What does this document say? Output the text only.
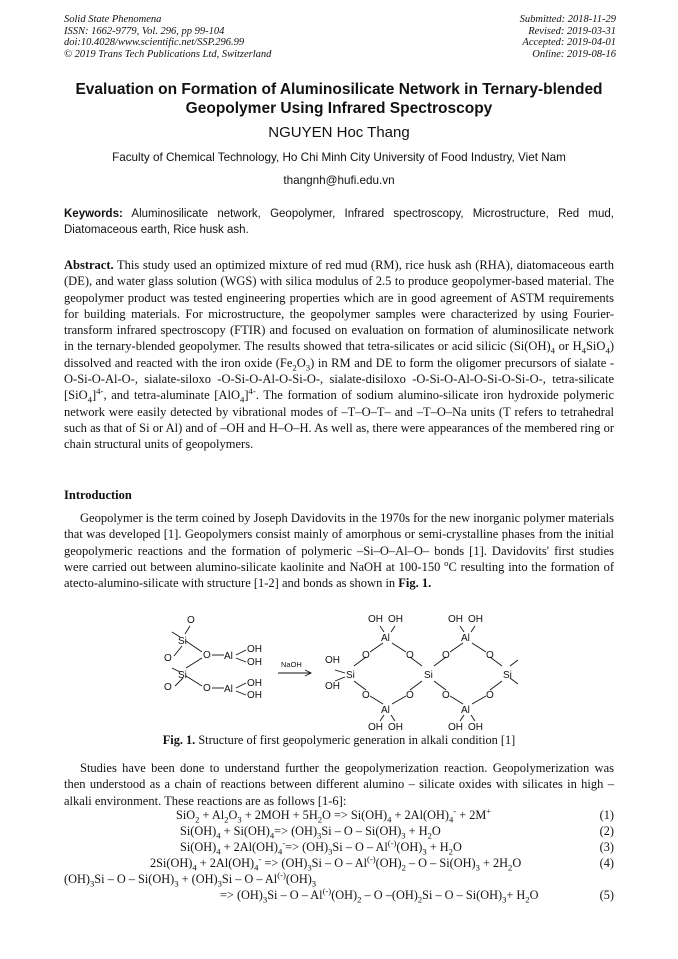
Solid State Phenomena
ISSN: 1662-9779, Vol. 296, pp 99-104
doi:10.4028/www.scientific.net/SSP.296.99
© 2019 Trans Tech Publications Ltd, Switzerland
Submitted: 2018-11-29
Revised: 2019-03-31
Accepted: 2019-04-01
Online: 2019-08-16
Evaluation on Formation of Aluminosilicate Network in Ternary-blended
Geopolymer Using Infrared Spectroscopy
NGUYEN Hoc Thang
Faculty of Chemical Technology, Ho Chi Minh City University of Food Industry, Viet Nam
thangnh@hufi.edu.vn
Keywords: Aluminosilicate network, Geopolymer, Infrared spectroscopy, Microstructure, Red mud, Diatomaceous earth, Rice husk ash.
Abstract. This study used an optimized mixture of red mud (RM), rice husk ash (RHA), diatomaceous earth (DE), and water glass solution (WGS) with silica modulus of 2.5 to produce geopolymer-based material. The geopolymer product was tested engineering properties which are in good agreement of ASTM requirements for building materials. For microstructure, the geopolymer samples were characterized by using Fourier-transform infrared spectroscopy (FTIR) and focused on evaluation on formation of aluminosilicate network in the ternary-blended geopolymer. The results showed that tetra-silicates or acid silicic ($Si(OH)_4$ or $H_4SiO_4$) dissolved and reacted with the iron oxide $(Fe_2O_3)$ in RM and DE to form the oligomer precursors of sialate -O-Si-O-Al-O-, sialate-siloxo -O-Si-O-Al-O-Si-O-, sialate-disiloxo -O-Si-O-Al-O-Si-O-Si-O-, tetra-silicate $[SiO_4]^{4-}$, and tetra-aluminate $[AlO_4]^{4-}$. The formation of sodium alumino-silicate iron hydroxide polymeric network were easily detected by vibrational modes of –T–O–T– and –T–O–Na units (T refers to tetrahedral such as that of Si or Al) and of –OH and H–O–H. As well as, there were appearances of the membered ring or chain structural units of geopolymers.
Introduction
Geopolymer is the term coined by Joseph Davidovits in the 1970s for the new inorganic polymer materials that was developed [1]. Geopolymers consist mainly of amorphous or semi-crystalline phases from the initial geopolymeric reactions and the formation of polymeric –Si–O–Al–O– bonds [1]. Davidovits' first studies were carried out between alumino-silicate kaolinite and NaOH at 100-150 $^o$C resulting into the formation of atecto-alumino-silicate with structure [1-2] and bonds as shown in Fig. 1.
O
Si
O	O Al
OH
OH
Si
O	O Al
OH
OH
NaOH
OH OH
Al
OH OH
Al
O	O	O	O
OH
OH
Si	Si	Si
O	O	O	O
Al	Al
OH OH	OH OH
Fig. 1. Structure of first geopolymeric generation in alkali condition [1]
Studies have been done to understand further the geopolymerization reaction. Geopolymerization was then understood as a chain of reactions between different alumino – silicate oxides with silicates in high – alkali environment. These reactions are as follows [1-6]:
$SiO_2 + Al_2O_3 + 2MOH + 5H_2O => Si(OH)_4 + 2Al(OH)_4^- + 2M^+$	(1)
$Si(OH)_4 + Si(OH)_4=> (OH)_3Si - O - Si(OH)_3 + H_2O$	(2)
$Si(OH)_4 + 2Al(OH)_4^-=> (OH)_3Si - O - Al^{(-)}(OH)_3 + H_2O$	(3)
$2Si(OH)_4 + 2Al(OH)_4^- => (OH)_3Si - O - Al^{(-)}(OH)_2 - O - Si(OH)_3 + 2H_2O$	(4)
$(OH)_3Si - O - Si(OH)_3 + (OH)_3Si - O - Al^{(-)}(OH)_3$
=> $(OH)_3Si$ – O – $Al^{(-)}(OH)_2$ – O $-(OH)_2Si - O - Si(OH)_3+ H_2O$	(5)
